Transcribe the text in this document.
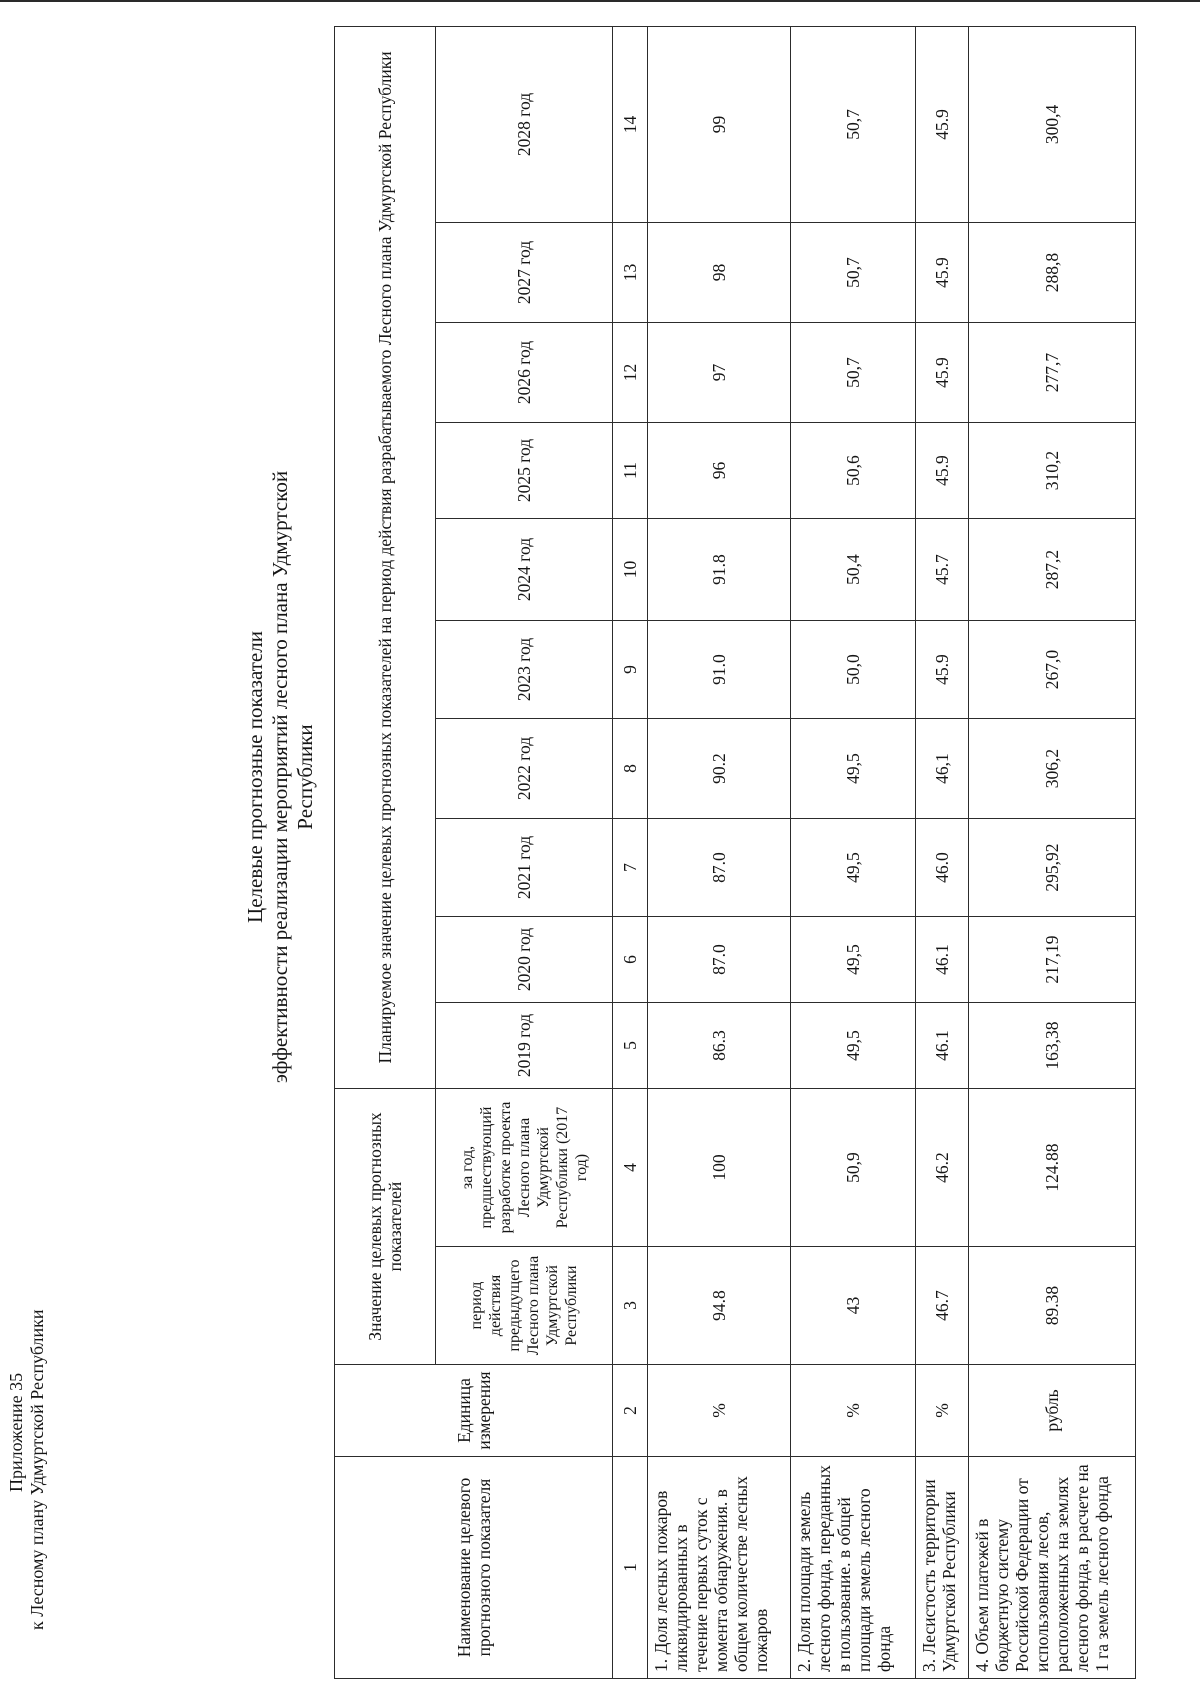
Приложение 35 к Лесному плану Удмуртской Республики
Целевые прогнозные показатели эффективности реализации мероприятий лесного плана Удмуртской Республики
Наименование целевого прогнозного показателя	Единица измерения	Значение целевых прогнозных показателей		Планируемое значение целевых прогнозных показателей на период действия разрабатываемого Лесного плана Удмуртской Республики									
		период действия предыдущего Лесного плана Удмуртской Республики	за год, предшествующий разработке проекта Лесного плана Удмуртской Республики (2017 год)	2019 год	2020 год	2021 год	2022 год	2023 год	2024 год	2025 год	2026 год	2027 год	2028 год
1	2	3	4	5	6	7	8	9	10	11	12	13	14
1. Доля лесных пожаров ликвидированных в течение первых суток с момента обнаружения. в общем количестве лесных пожаров	%	94.8	100	86.3	87.0	87.0	90.2	91.0	91.8	96	97	98	99
2. Доля площади земель лесного фонда, переданных в пользование. в общей площади земель лесного фонда	%	43	50,9	49,5	49,5	49,5	49,5	50,0	50,4	50,6	50,7	50,7	50,7
3. Лесистость территории Удмуртской Республики	%	46.7	46.2	46.1	46.1	46.0	46,1	45.9	45.7	45.9	45.9	45.9	45.9
4. Объем платежей в бюджетную систему Российской Федерации от использования лесов, расположенных на землях лесного фонда, в расчете на 1 га земель лесного фонда	рубль	89.38	124.88	163,38	217,19	295,92	306,2	267,0	287,2	310,2	277,7	288,8	300,4
